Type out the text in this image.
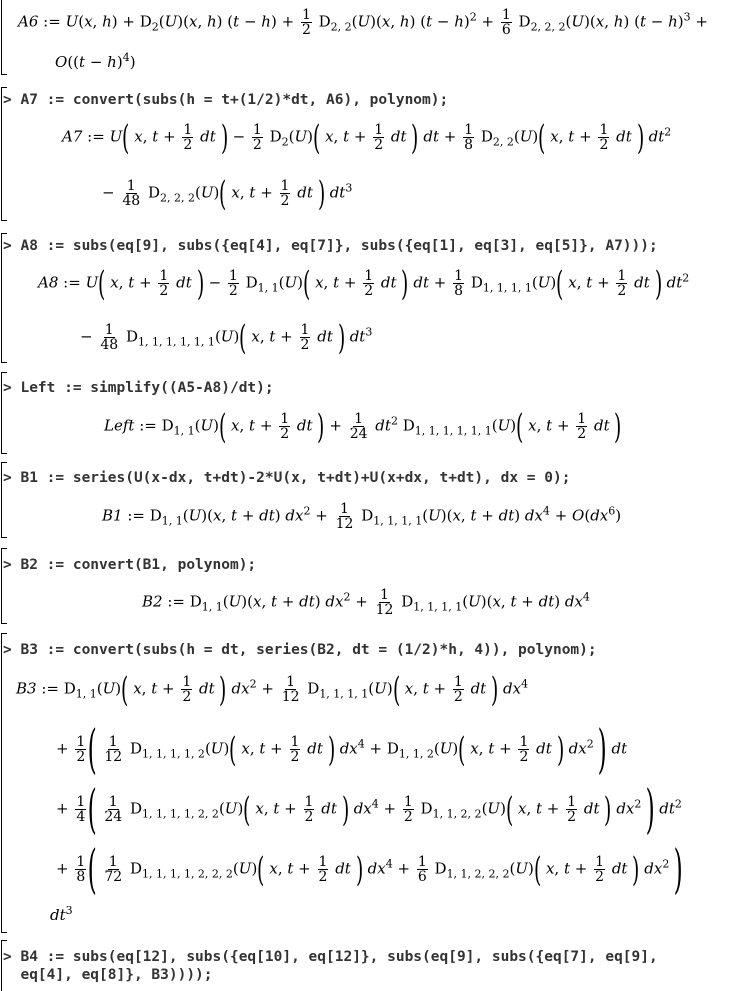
A6 := U(x, $h) + D_2(U)(x$, h) $(t - h) + \frac{1}{2} D_{2, 2}(U)(x$, h) $(t - h)^2 + \frac{1}{6} D_{2, 2, 2}(U)(x$, h) $(t - h)^3$ +
$O((t - h)^4)$
> A7 := convert(subs(h = t+(1/2)*dt, A6), polynom);
A7 := U( x, $t + \frac{1}{2}$ dt ) − $\frac{1}{2} D_2(U)$( x, $t + \frac{1}{2}$ dt ) dt + $\frac{1}{8} D_{2, 2}(U)$( x, $t + \frac{1}{2}$ dt ) $dt^2$
− $\frac{1}{48} D_{2, 2, 2}(U)$( x, $t + \frac{1}{2}$ dt ) $dt^3$
> A8 := subs(eq[9], subs({eq[4], eq[7]}, subs({eq[1], eq[3], eq[5]}, A7)));
A8 := U( x, $t + \frac{1}{2}$ dt ) − $\frac{1}{2} D_{1, 1}(U)$( x, $t + \frac{1}{2}$ dt ) dt + $\frac{1}{8} D_{1, 1, 1, 1}(U)$( x, $t + \frac{1}{2}$ dt ) $dt^2$
− $\frac{1}{48} D_{1, 1, 1, 1, 1, 1}(U)$( x, $t + \frac{1}{2}$ dt ) $dt^3$
> Left := simplify((A5-A8)/dt);
Left := $D_{1, 1}(U)$( x, $t + \frac{1}{2}$ dt ) + $\frac{1}{24} dt^2$ $D_{1, 1, 1, 1, 1, 1}(U)$( x, $t + \frac{1}{2}$ dt )
> B1 := series(U(x-dx, t+dt)-2*U(x, t+dt)+U(x+dx, t+dt), dx = 0);
B1 := $D_{1, 1}(U)(x$, t + dt) $dx^2 + \frac{1}{12} D_{1, 1, 1, 1}(U)(x$, t + dt) $dx^4 + O(dx^6)$
> B2 := convert(B1, polynom);
B2 := $D_{1, 1}(U)(x$, t + dt) $dx^2 + \frac{1}{12} D_{1, 1, 1, 1}(U)(x$, t + dt) $dx^4$
> B3 := convert(subs(h = dt, series(B2, dt = (1/2)*h, 4)), polynom);
B3 := $D_{1, 1}(U)$( x, $t + \frac{1}{2}$ dt ) $dx^2 + \frac{1}{12} D_{1, 1, 1, 1}(U)$( x, $t + \frac{1}{2}$ dt ) $dx^4$
+ $\frac{1}{2}$ ( $\frac{1}{12} D_{1, 1, 1, 1, 2}(U)$( x, $t + \frac{1}{2}$ dt ) $dx^4 + D_{1, 1, 2}(U)$( x, $t + \frac{1}{2}$ dt ) $dx^2$ ) dt
+ $\frac{1}{4}$ ( $\frac{1}{24} D_{1, 1, 1, 1, 2, 2}(U)$( x, $t + \frac{1}{2}$ dt ) $dx^4 + \frac{1}{2} D_{1, 1, 2, 2}(U)$( x, $t + \frac{1}{2}$ dt ) $dx^2$ ) $dt^2$
+ $\frac{1}{8}$ ( $\frac{1}{72} D_{1, 1, 1, 1, 2, 2, 2}(U)$( x, $t + \frac{1}{2}$ dt ) $dx^4 + \frac{1}{6} D_{1, 1, 2, 2, 2}(U)$( x, $t + \frac{1}{2}$ dt ) $dx^2$ )
$dt^3$
> B4 := subs(eq[12], subs({eq[10], eq[12]}, subs(eq[9], subs({eq[7], eq[9],
eq[4], eq[8]}, B3))));
